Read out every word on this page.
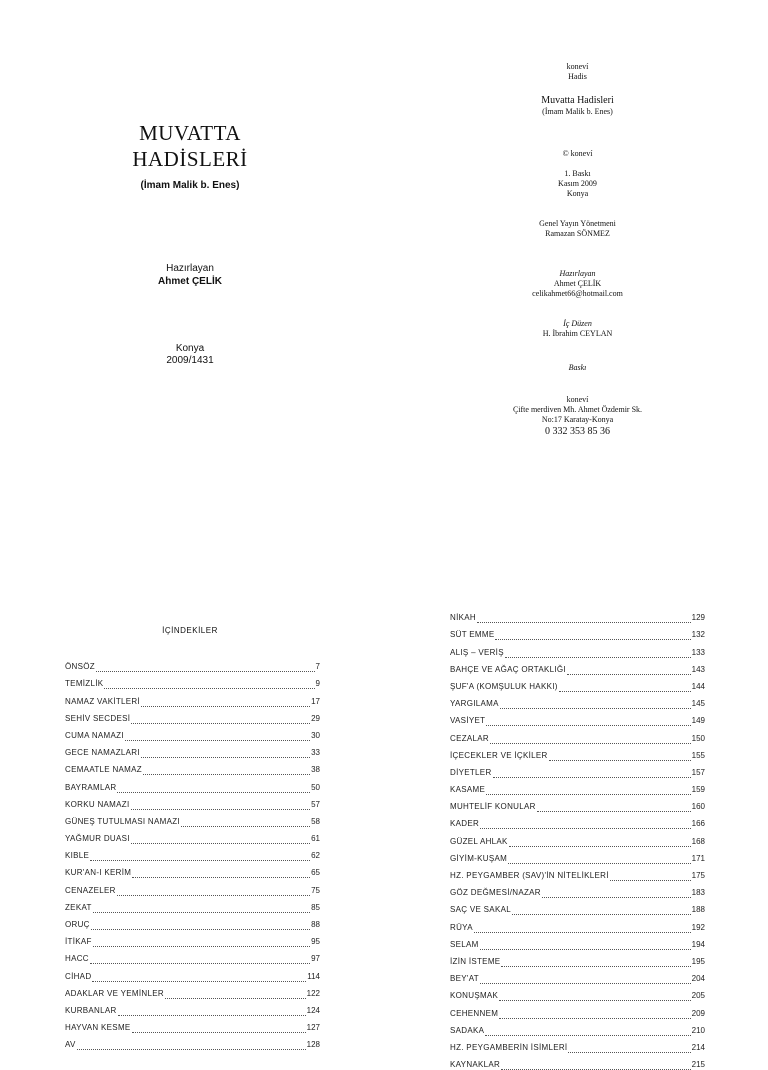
MUVATTA
HADİSLERİ
(İmam Malik b. Enes)
Hazırlayan
Ahmet ÇELİK
Konya
2009/1431
koneví
Hadis
Muvatta Hadisleri
(İmam Malik b. Enes)
© koneví
1. Baskı
Kasım 2009
Konya
Genel Yayın Yönetmeni
Ramazan SÖNMEZ
Hazırlayan
Ahmet ÇELİK
celikahmet66@hotmail.com
İç Düzen
H. İbrahim CEYLAN
Baskı
koneví
Çifte merdiven Mh. Ahmet Özdemir Sk.
No:17 Karatay-Konya
0 332 353 85 36
İÇİNDEKİLER
ÖNSÖZ	7
TEMİZLİK	9
NAMAZ VAKİTLERİ	17
SEHİV SECDESİ	29
CUMA NAMAZI	30
GECE NAMAZLARI	33
CEMAATLE NAMAZ	38
BAYRAMLAR	50
KORKU NAMAZI	57
GÜNEŞ TUTULMASI NAMAZI	58
YAĞMUR DUASI	61
KIBLE	62
KUR'AN-I KERİM	65
CENAZELER	75
ZEKAT	85
ORUÇ	88
İTİKAF	95
HACC	97
CİHAD	114
ADAKLAR VE YEMİNLER	122
KURBANLAR	124
HAYVAN KESME	127
AV	128
NİKAH	129
SÜT EMME	132
ALIŞ – VERİŞ	133
BAHÇE VE AĞAÇ ORTAKLIĞI	143
ŞUF'A (KOMŞULUK HAKKI)	144
YARGILAMA	145
VASİYET	149
CEZALAR	150
İÇECEKLER VE İÇKİLER	155
DİYETLER	157
KASAME	159
MUHTELİF KONULAR	160
KADER	166
GÜZEL AHLAK	168
GİYİM-KUŞAM	171
HZ. PEYGAMBER (SAV)'İN NİTELİKLERİ	175
GÖZ DEĞMESİ/NAZAR	183
SAÇ VE SAKAL	188
RÜYA	192
SELAM	194
İZİN İSTEME	195
BEY'AT	204
KONUŞMAK	205
CEHENNEM	209
SADAKA	210
HZ. PEYGAMBERİN İSİMLERİ	214
KAYNAKLAR	215
